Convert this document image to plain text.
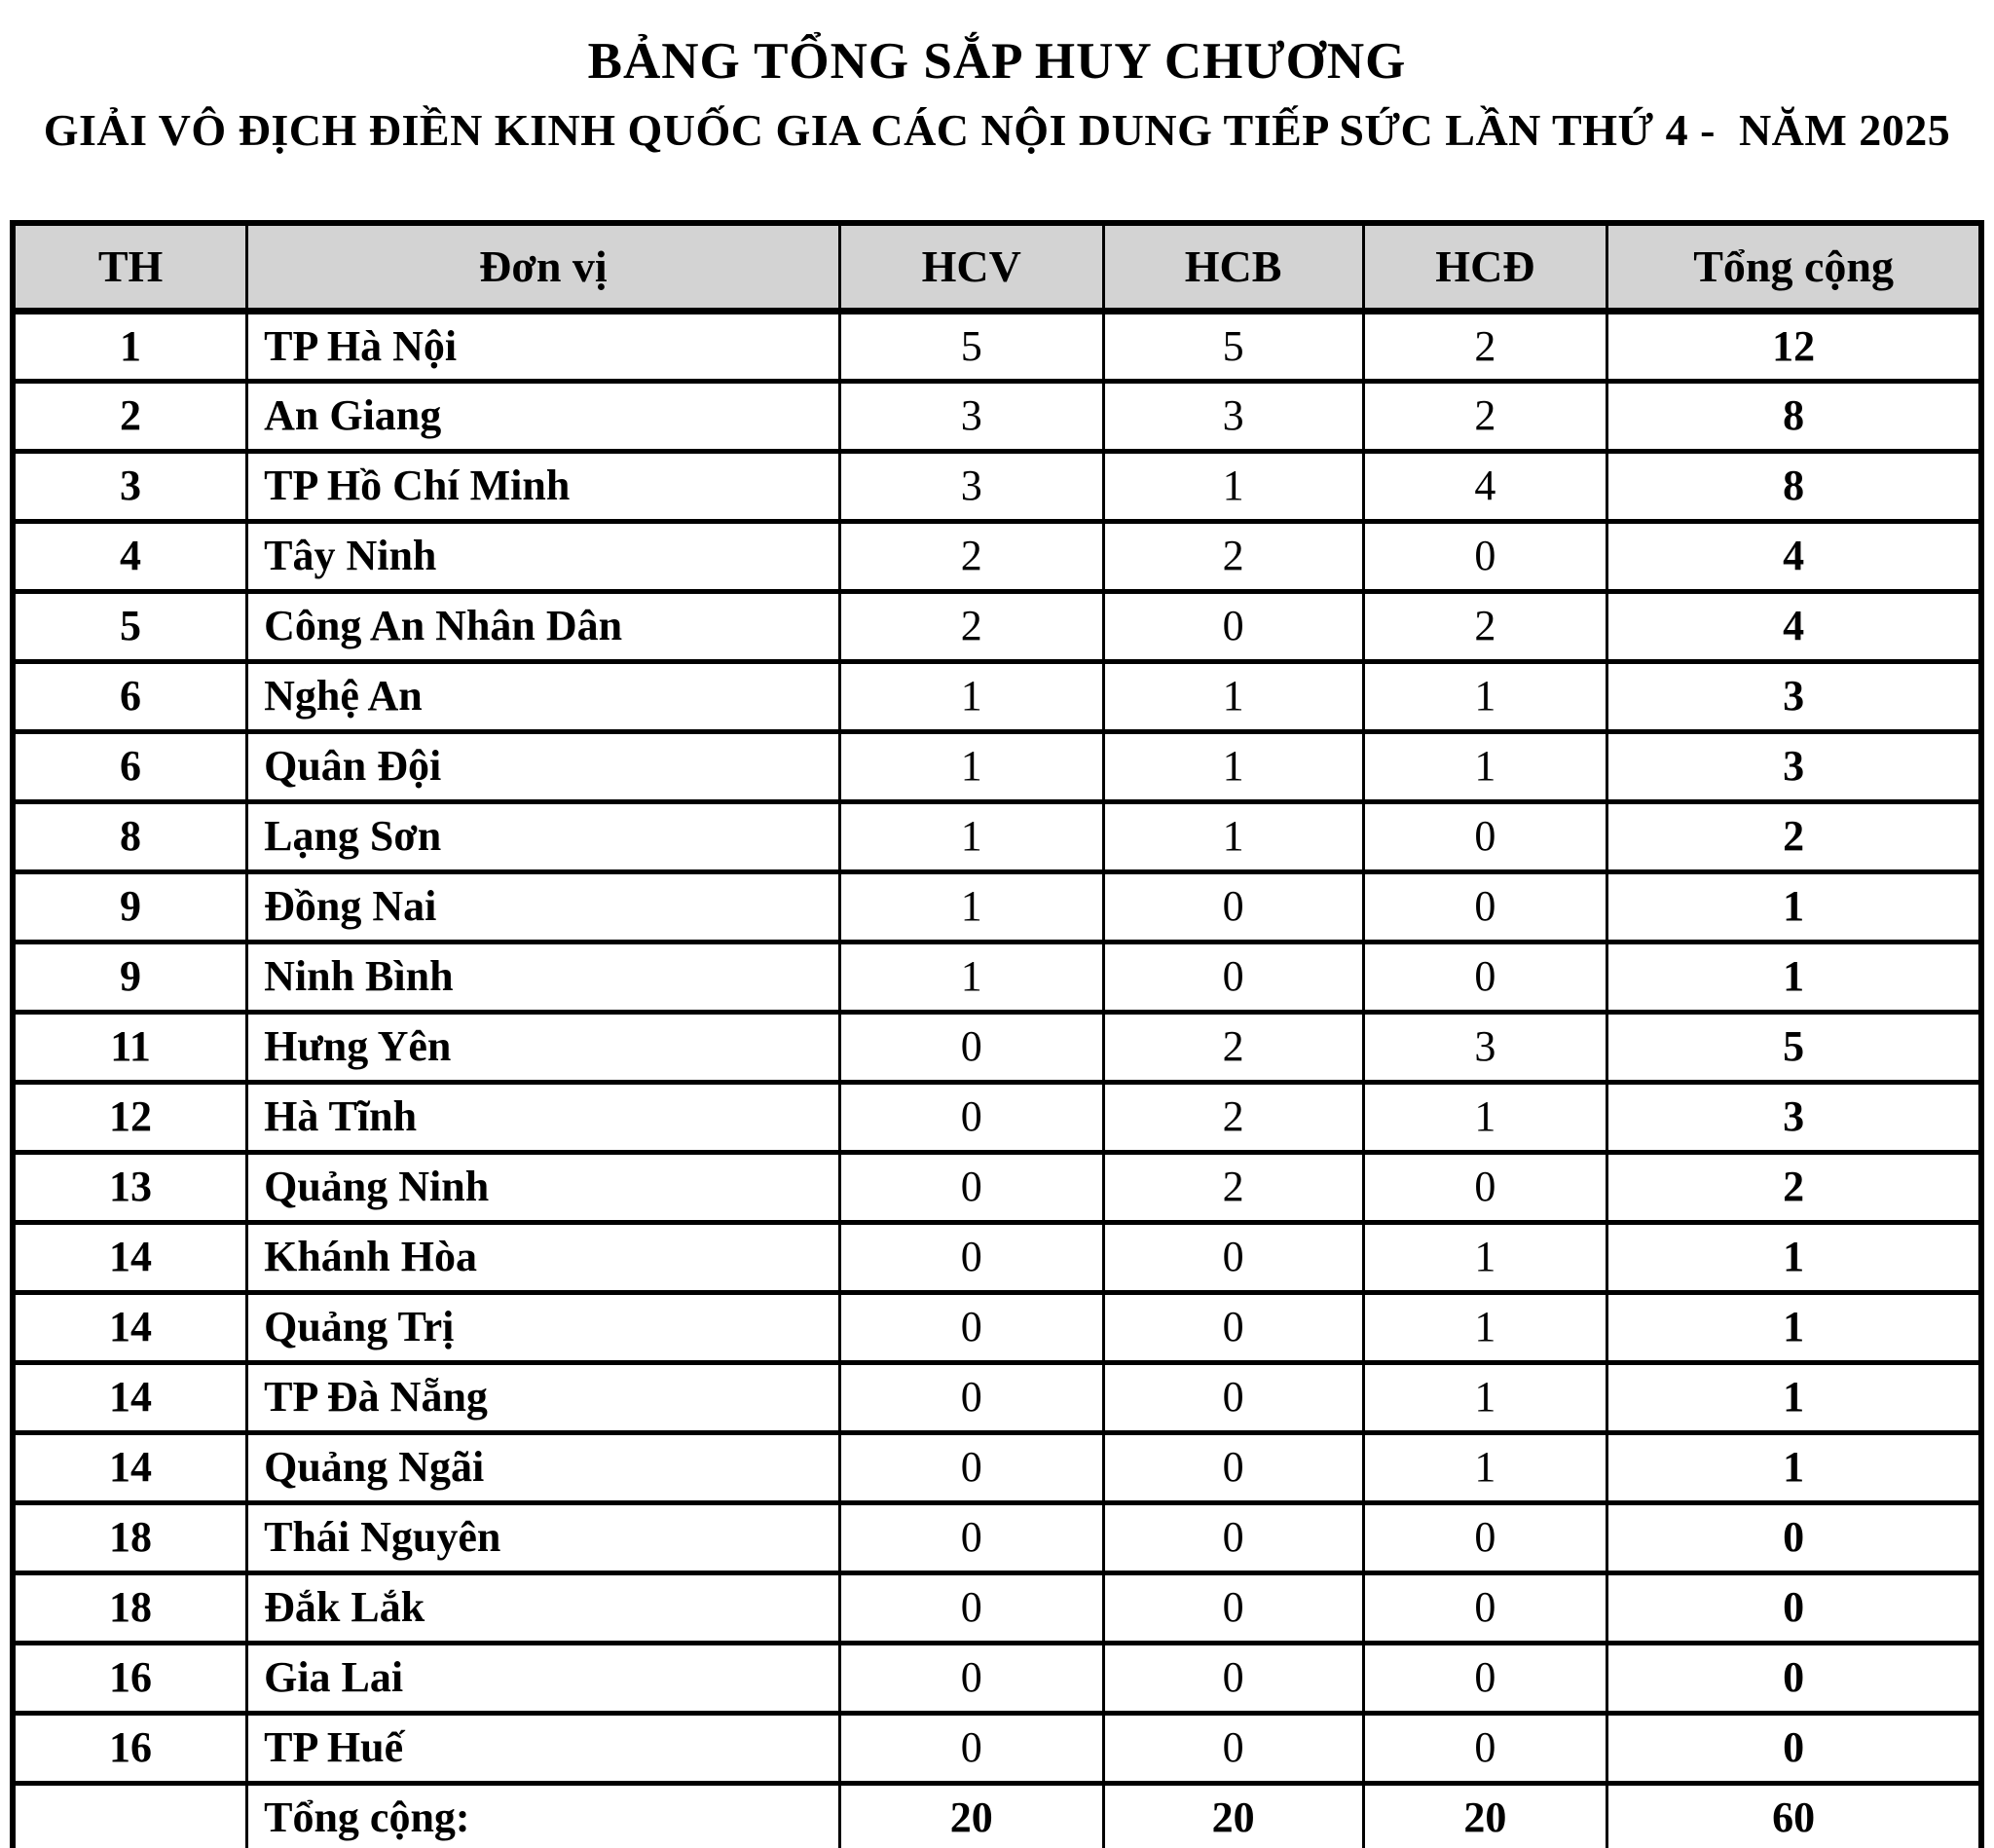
BẢNG TỔNG SẮP HUY CHƯƠNG
GIẢI VÔ ĐỊCH ĐIỀN KINH QUỐC GIA CÁC NỘI DUNG TIẾP SỨC LẦN THỨ 4 -  NĂM 2025
TH	Đơn vị	HCV	HCB	HCĐ	Tổng cộng
1	TP Hà Nội	5	5	2	12
2	An Giang	3	3	2	8
3	TP Hồ Chí Minh	3	1	4	8
4	Tây Ninh	2	2	0	4
5	Công An Nhân Dân	2	0	2	4
6	Nghệ An	1	1	1	3
6	Quân Đội	1	1	1	3
8	Lạng Sơn	1	1	0	2
9	Đồng Nai	1	0	0	1
9	Ninh Bình	1	0	0	1
11	Hưng Yên	0	2	3	5
12	Hà Tĩnh	0	2	1	3
13	Quảng Ninh	0	2	0	2
14	Khánh Hòa	0	0	1	1
14	Quảng Trị	0	0	1	1
14	TP Đà Nẵng	0	0	1	1
14	Quảng Ngãi	0	0	1	1
18	Thái Nguyên	0	0	0	0
18	Đắk Lắk	0	0	0	0
16	Gia Lai	0	0	0	0
16	TP Huế	0	0	0	0
	Tổng cộng:	20	20	20	60
